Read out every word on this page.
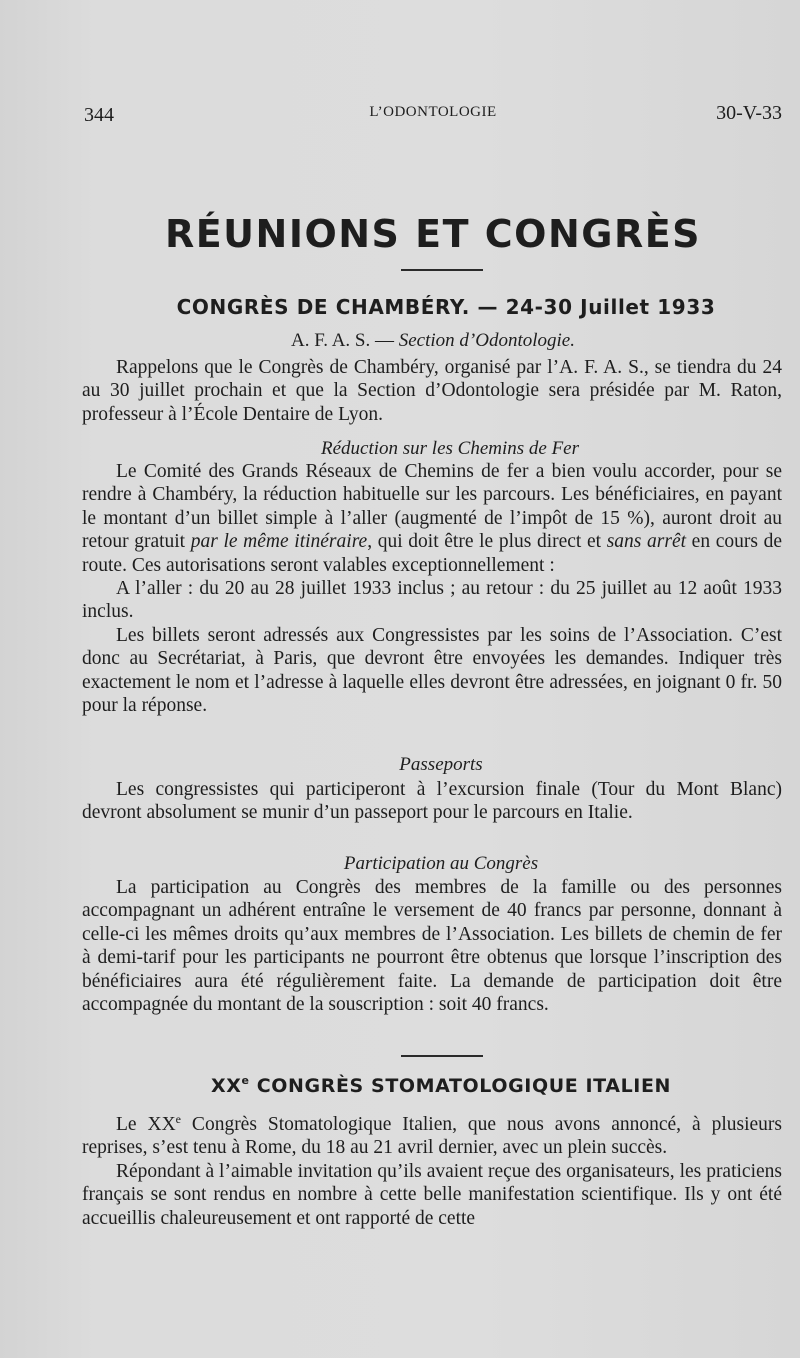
344	L’ODONTOLOGIE	30-V-33
RÉUNIONS ET CONGRÈS
CONGRÈS DE CHAMBÉRY. — 24-30 Juillet 1933
A. F. A. S. — Section d’Odontologie.

Rappelons que le Congrès de Chambéry, organisé par l’A. F. A. S., se tiendra du 24 au 30 juillet prochain et que la Section d’Odontologie sera présidée par M. Raton, professeur à l’École Dentaire de Lyon.

Réduction sur les Chemins de Fer

Le Comité des Grands Réseaux de Chemins de fer a bien voulu accorder, pour se rendre à Chambéry, la réduction habituelle sur les parcours. Les bénéficiaires, en payant le montant d’un billet simple à l’aller (augmenté de l’impôt de 15 %), auront droit au retour gratuit par le même itinéraire, qui doit être le plus direct et sans arrêt en cours de route. Ces autorisations seront valables exceptionnellement :

A l’aller : du 20 au 28 juillet 1933 inclus ; au retour : du 25 juillet au 12 août 1933 inclus.

Les billets seront adressés aux Congressistes par les soins de l’Association. C’est donc au Secrétariat, à Paris, que devront être envoyées les demandes. Indiquer très exactement le nom et l’adresse à laquelle elles devront être adressées, en joignant 0 fr. 50 pour la réponse.

Passeports

Les congressistes qui participeront à l’excursion finale (Tour du Mont Blanc) devront absolument se munir d’un passeport pour le parcours en Italie.

Participation au Congrès

La participation au Congrès des membres de la famille ou des personnes accompagnant un adhérent entraîne le versement de 40 francs par personne, donnant à celle-ci les mêmes droits qu’aux membres de l’Association. Les billets de chemin de fer à demi-tarif pour les participants ne pourront être obtenus que lorsque l’inscription des bénéficiaires aura été régulièrement faite. La demande de participation doit être accompagnée du montant de la souscription : soit 40 francs.

XXe CONGRÈS STOMATOLOGIQUE ITALIEN

Le XXe Congrès Stomatologique Italien, que nous avons annoncé, à plusieurs reprises, s’est tenu à Rome, du 18 au 21 avril dernier, avec un plein succès.

Répondant à l’aimable invitation qu’ils avaient reçue des organisateurs, les praticiens français se sont rendus en nombre à cette belle manifestation scientifique. Ils y ont été accueillis chaleureusement et ont rapporté de cette
